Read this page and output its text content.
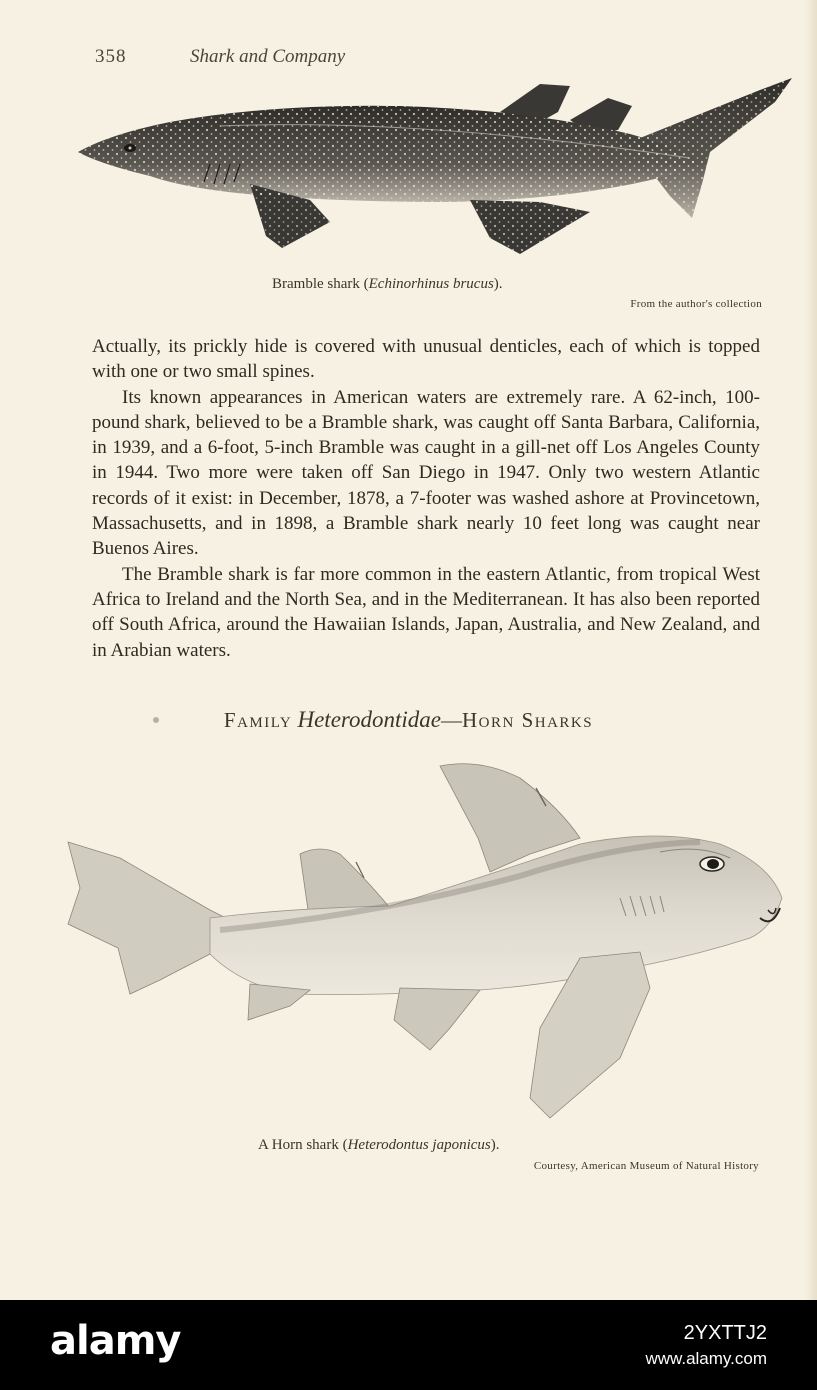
358	Shark and Company
Bramble shark (Echinorhinus brucus).
From the author's collection

Actually, its prickly hide is covered with unusual denticles, each of which is topped with one or two small spines.

Its known appearances in American waters are extremely rare. A 62-inch, 100-pound shark, believed to be a Bramble shark, was caught off Santa Barbara, California, in 1939, and a 6-foot, 5-inch Bramble was caught in a gill-net off Los Angeles County in 1944. Two more were taken off San Diego in 1947. Only two western Atlantic records of it exist: in December, 1878, a 7-footer was washed ashore at Provincetown, Massachusetts, and in 1898, a Bramble shark nearly 10 feet long was caught near Buenos Aires.

The Bramble shark is far more common in the eastern Atlantic, from tropical West Africa to Ireland and the North Sea, and in the Mediterranean. It has also been reported off South Africa, around the Hawaiian Islands, Japan, Australia, and New Zealand, and in Arabian waters.

Family Heterodontidae—Horn Sharks
A Horn shark (Heterodontus japonicus).
Courtesy, American Museum of Natural History
alamy	2YXTTJ2
www.alamy.com
